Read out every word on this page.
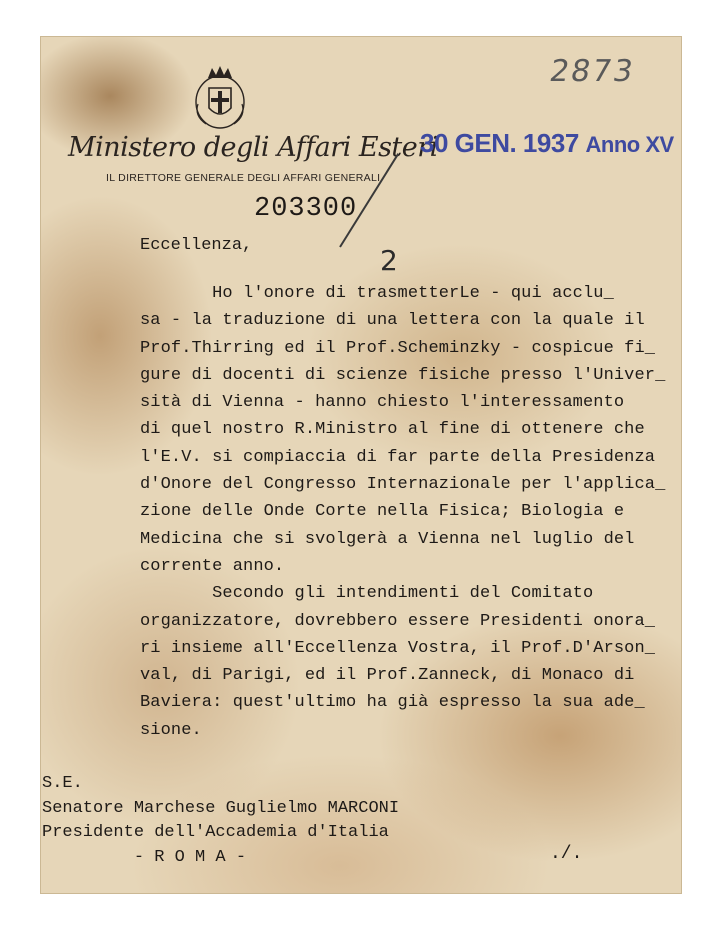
Ministero degli Affari Esteri
IL DIRETTORE GENERALE DEGLI AFFARI GENERALI
2873
30 GEN. 1937 Anno XV
203300
2

Eccellenza,
Ho l'onore di trasmetterLe - qui acclu_
sa - la traduzione di una lettera con la quale il
Prof.Thirring ed il Prof.Scheminzky - cospicue fi_
gure di docenti di scienze fisiche presso l'Univer_
sità di Vienna - hanno chiesto l'interessamento
di quel nostro R.Ministro al fine di ottenere che
l'E.V. si compiaccia di far parte della Presidenza
d'Onore del Congresso Internazionale per l'applica_
zione delle Onde Corte nella Fisica; Biologia e
Medicina che si svolgerà a Vienna nel luglio del
corrente anno.
Secondo gli intendimenti del Comitato
organizzatore, dovrebbero essere Presidenti onora_
ri insieme all'Eccellenza Vostra, il Prof.D'Arson_
val, di Parigi, ed il Prof.Zanneck, di Monaco di
Baviera: quest'ultimo ha già espresso la sua ade_
sione.
S.E.
Senatore Marchese Guglielmo MARCONI
Presidente dell'Accademia d'Italia
- R O M A -	./.
